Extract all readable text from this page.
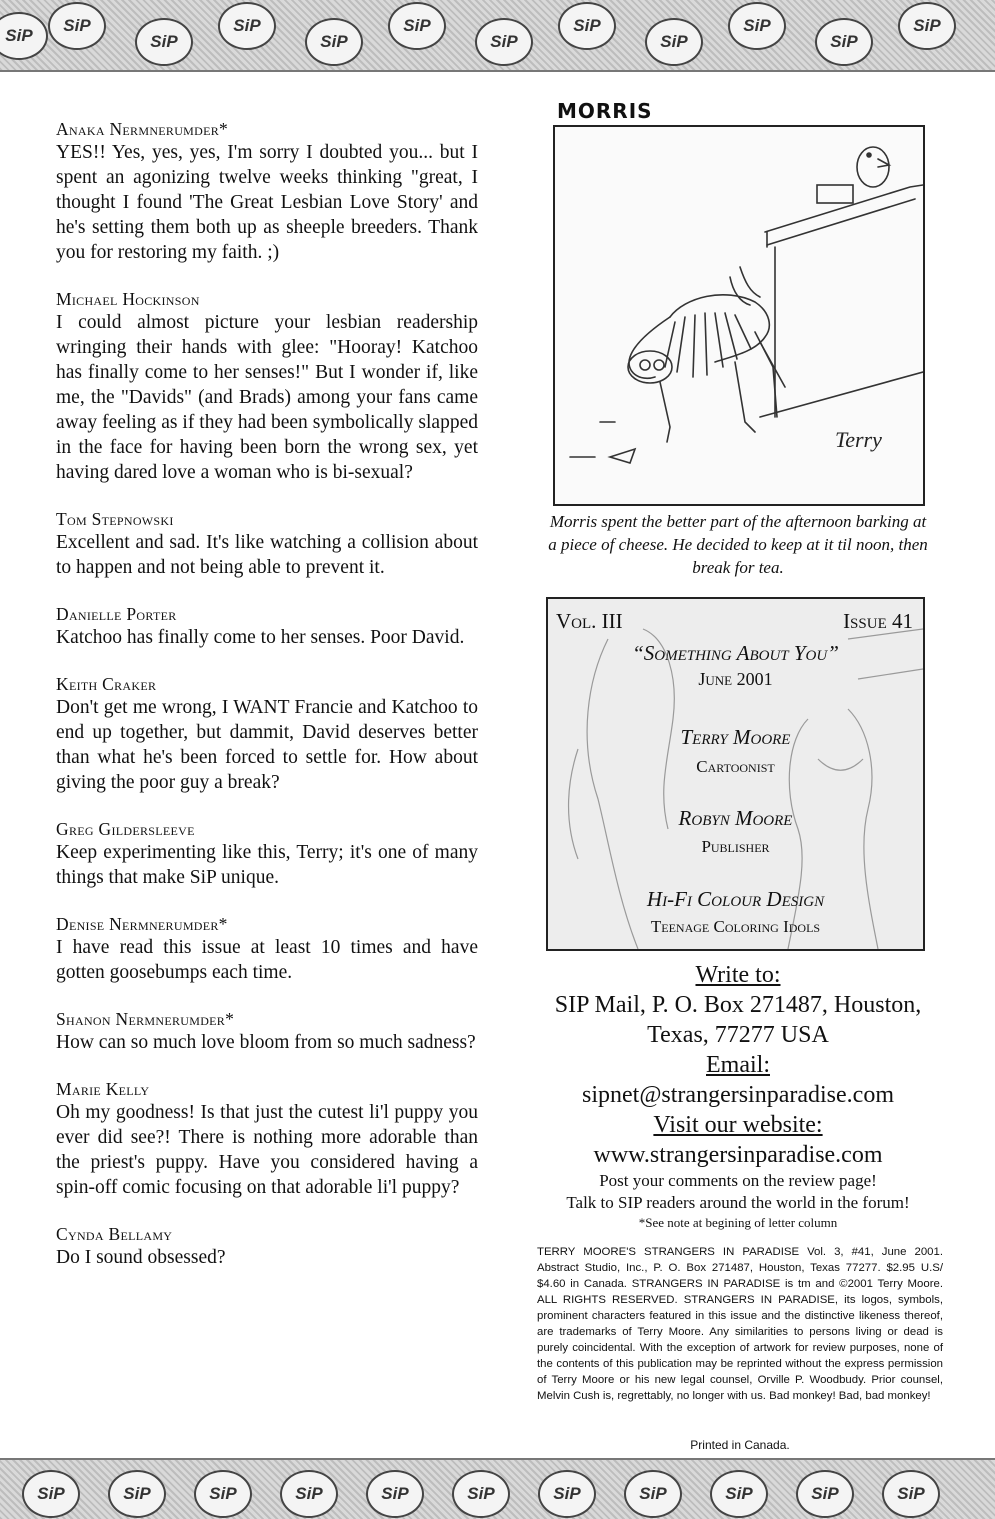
SiP
SiP
SiP
SiP
SiP
SiP
SiP
SiP
SiP
SiP
SiP
SiP
Anaka Nermnerumder*
YES!! Yes, yes, yes, I'm sorry I doubted you... but I spent an agonizing twelve weeks thinking "great, I thought I found 'The Great Lesbian Love Story' and he's setting them both up as sheeple breeders. Thank you for restoring my faith. ;)
Michael Hockinson
I could almost picture your lesbian readership wringing their hands with glee: "Hooray! Katchoo has finally come to her senses!" But I wonder if, like me, the "Davids" (and Brads) among your fans came away feeling as if they had been symbolically slapped in the face for having been born the wrong sex, yet having dared love a woman who is bi-sexual?
Tom Stepnowski
Excellent and sad. It's like watching a collision about to happen and not being able to prevent it.
Danielle Porter
Katchoo has finally come to her senses. Poor David.
Keith Craker
Don't get me wrong, I WANT Francie and Katchoo to end up together, but dammit, David deserves better than what he's been forced to settle for. How about giving the poor guy a break?
Greg Gildersleeve
Keep experimenting like this, Terry; it's one of many things that make SiP unique.
Denise Nermnerumder*
I have read this issue at least 10 times and have gotten goosebumps each time.
Shanon Nermnerumder*
How can so much love bloom from so much sadness?
Marie Kelly
Oh my goodness! Is that just the cutest li'l puppy you ever did see?! There is nothing more adorable than the priest's puppy. Have you considered having a spin-off comic focusing on that adorable li'l puppy?
Cynda Bellamy
Do I sound obsessed?
MORRIS
Terry
Morris spent the better part of the afternoon barking at a piece of cheese. He decided to keep at it til noon, then break for tea.
Vol. III	Issue 41
“Something About You”
June 2001
Terry Moore
Cartoonist
Robyn Moore
Publisher
Hi-Fi Colour Design
Teenage Coloring Idols
Write to:
SIP Mail, P. O. Box 271487, Houston, Texas, 77277 USA
Email:
sipnet@strangersinparadise.com
Visit our website:
www.strangersinparadise.com
Post your comments on the review page!
Talk to SIP readers around the world in the forum!
*See note at begining of letter column
TERRY MOORE'S STRANGERS IN PARADISE Vol. 3, #41, June 2001. Abstract Studio, Inc., P. O. Box 271487, Houston, Texas 77277. $2.95 U.S/ $4.60 in Canada. STRANGERS IN PARADISE is tm and ©2001 Terry Moore. ALL RIGHTS RESERVED. STRANGERS IN PARADISE, its logos, symbols, prominent characters featured in this issue and the distinctive likeness thereof, are trademarks of Terry Moore. Any similarities to persons living or dead is purely coincidental. With the exception of artwork for review purposes, none of the contents of this publication may be reprinted without the express permission of Terry Moore or his new legal counsel, Orville P. Woodbudy. Prior counsel, Melvin Cush is, regrettably, no longer with us. Bad monkey! Bad, bad monkey!
Printed in Canada.
SiP	SiP	SiP	SiP	SiP	SiP	SiP	SiP	SiP	SiP	SiP
